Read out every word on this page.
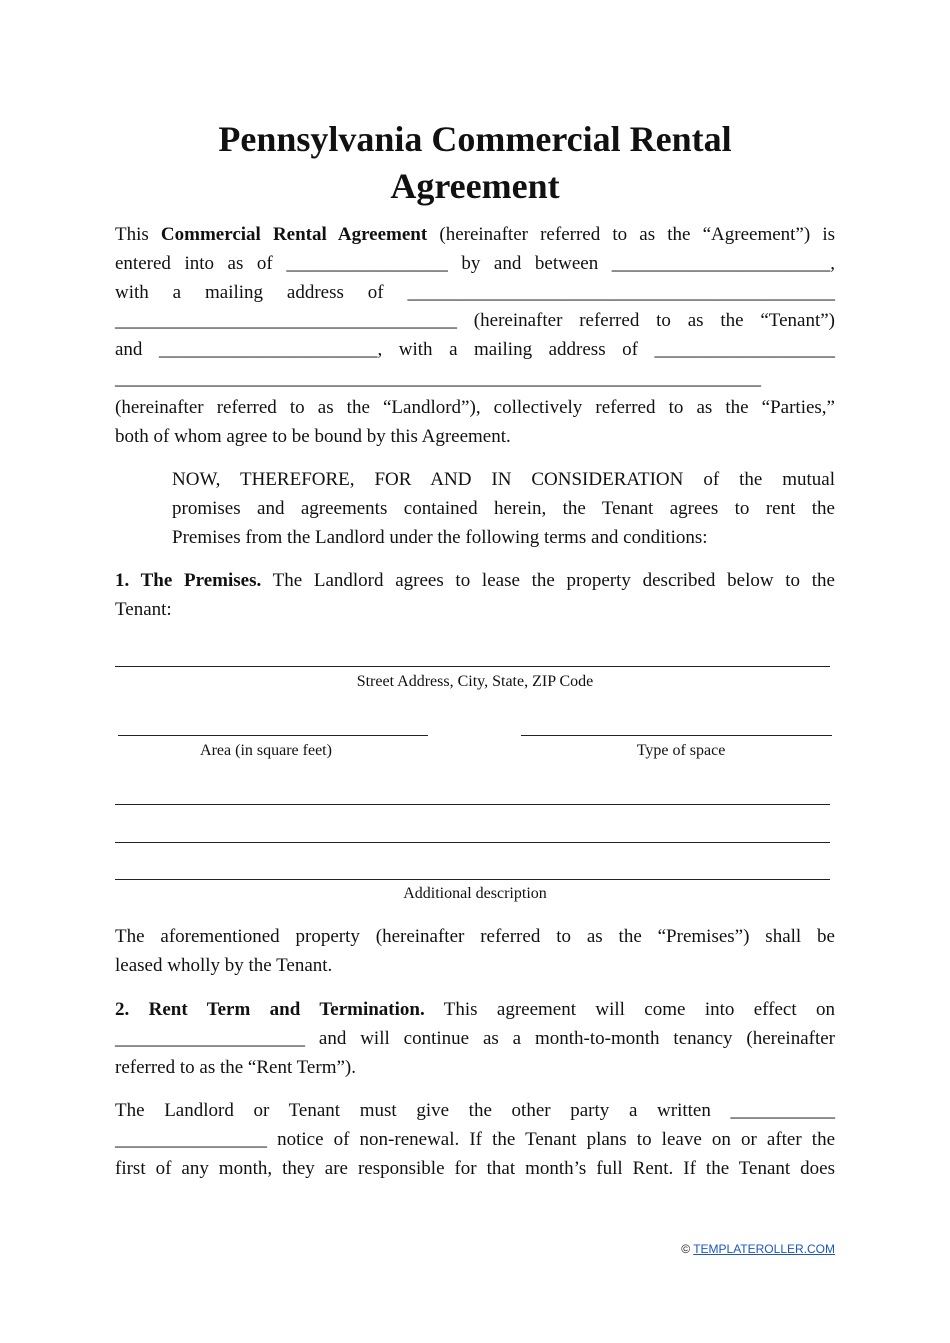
Pennsylvania Commercial Rental
Agreement

This Commercial Rental Agreement (hereinafter referred to as the “Agreement”) is
entered into as of _________________ by and between _______________________,
with a mailing address of _____________________________________________
____________________________________ (hereinafter referred to as the “Tenant”)
and _______________________, with a mailing address of ___________________
____________________________________________________________________
(hereinafter referred to as the “Landlord”), collectively referred to as the “Parties,”
both of whom agree to be bound by this Agreement.

NOW, THEREFORE, FOR AND IN CONSIDERATION of the mutual
promises and agreements contained herein, the Tenant agrees to rent the
Premises from the Landlord under the following terms and conditions:

1. The Premises. The Landlord agrees to lease the property described below to the
Tenant:

Street Address, City, State, ZIP Code
Area (in square feet)	Type of space
Additional description

The aforementioned property (hereinafter referred to as the “Premises”) shall be
leased wholly by the Tenant.

2. Rent Term and Termination. This agreement will come into effect on
____________________ and will continue as a month-to-month tenancy (hereinafter
referred to as the “Rent Term”).

The Landlord or Tenant must give the other party a written ___________
________________ notice of non-renewal. If the Tenant plans to leave on or after the
first of any month, they are responsible for that month’s full Rent. If the Tenant does

© TEMPLATEROLLER.COM
